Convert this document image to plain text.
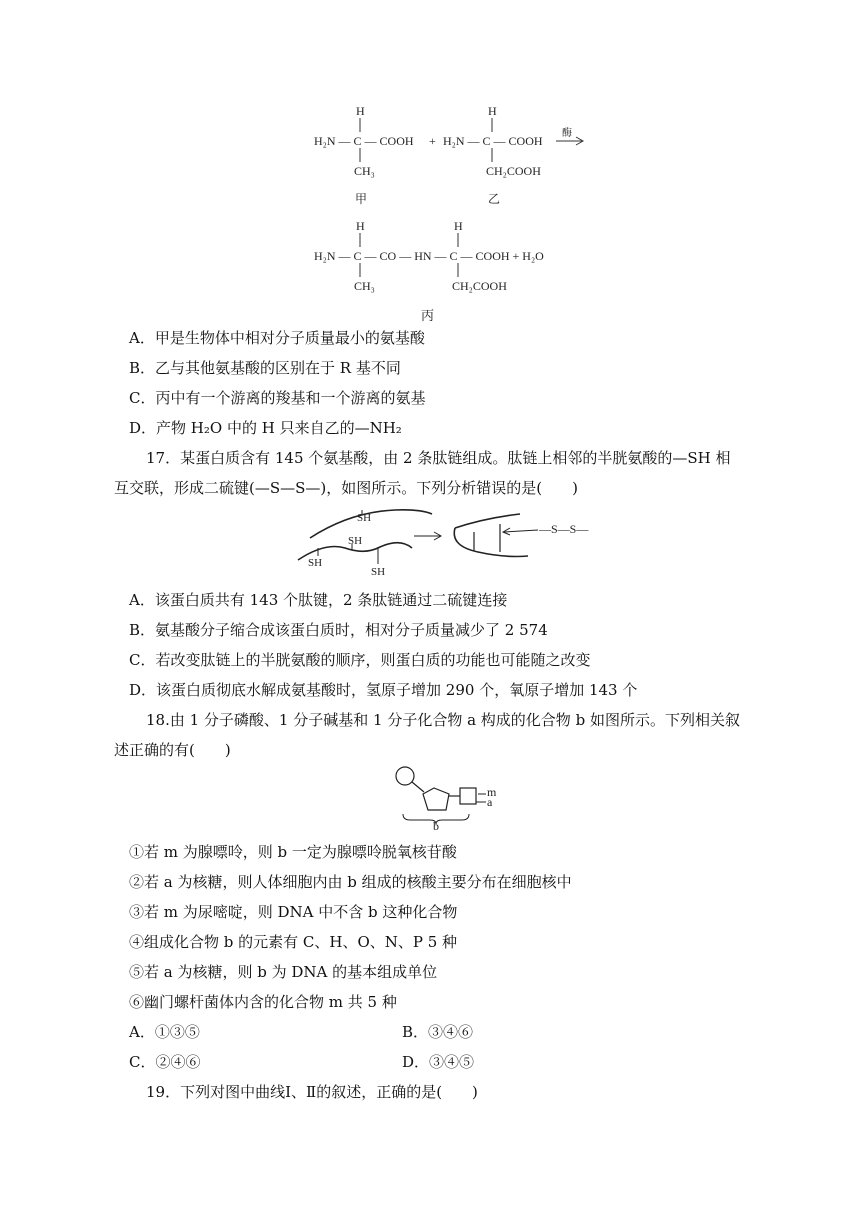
H
H₂N — C — COOH
CH₃
甲
+
H
H₂N — C — COOH
CH₂COOH
乙
酶
H	H
H₂N — C — CO — HN — C — COOH + H₂O
CH₃	CH₂COOH
丙
A．甲是生物体中相对分子质量最小的氨基酸
B．乙与其他氨基酸的区别在于 R 基不同
C．丙中有一个游离的羧基和一个游离的氨基
D．产物 H₂O 中的 H 只来自乙的—NH₂
17．某蛋白质含有 145 个氨基酸，由 2 条肽链组成。肽链上相邻的半胱氨酸的—SH 相
互交联，形成二硫键(—S—S—)，如图所示。下列分析错误的是(　　)
SH
SH
SH
SH
—S—S—
A．该蛋白质共有 143 个肽键，2 条肽链通过二硫键连接
B．氨基酸分子缩合成该蛋白质时，相对分子质量减少了 2 574
C．若改变肽链上的半胱氨酸的顺序，则蛋白质的功能也可能随之改变
D．该蛋白质彻底水解成氨基酸时，氢原子增加 290 个，氧原子增加 143 个
18.由 1 分子磷酸、1 分子碱基和 1 分子化合物 a 构成的化合物 b 如图所示。下列相关叙
述正确的有(　　)
m
a
b
①若 m 为腺嘌呤，则 b 一定为腺嘌呤脱氧核苷酸
②若 a 为核糖，则人体细胞内由 b 组成的核酸主要分布在细胞核中
③若 m 为尿嘧啶，则 DNA 中不含 b 这种化合物
④组成化合物 b 的元素有 C、H、O、N、P 5 种
⑤若 a 为核糖，则 b 为 DNA 的基本组成单位
⑥幽门螺杆菌体内含的化合物 m 共 5 种
A．①③⑤	B．③④⑥
C．②④⑥	D．③④⑤
19．下列对图中曲线Ⅰ、Ⅱ的叙述，正确的是(　　)
